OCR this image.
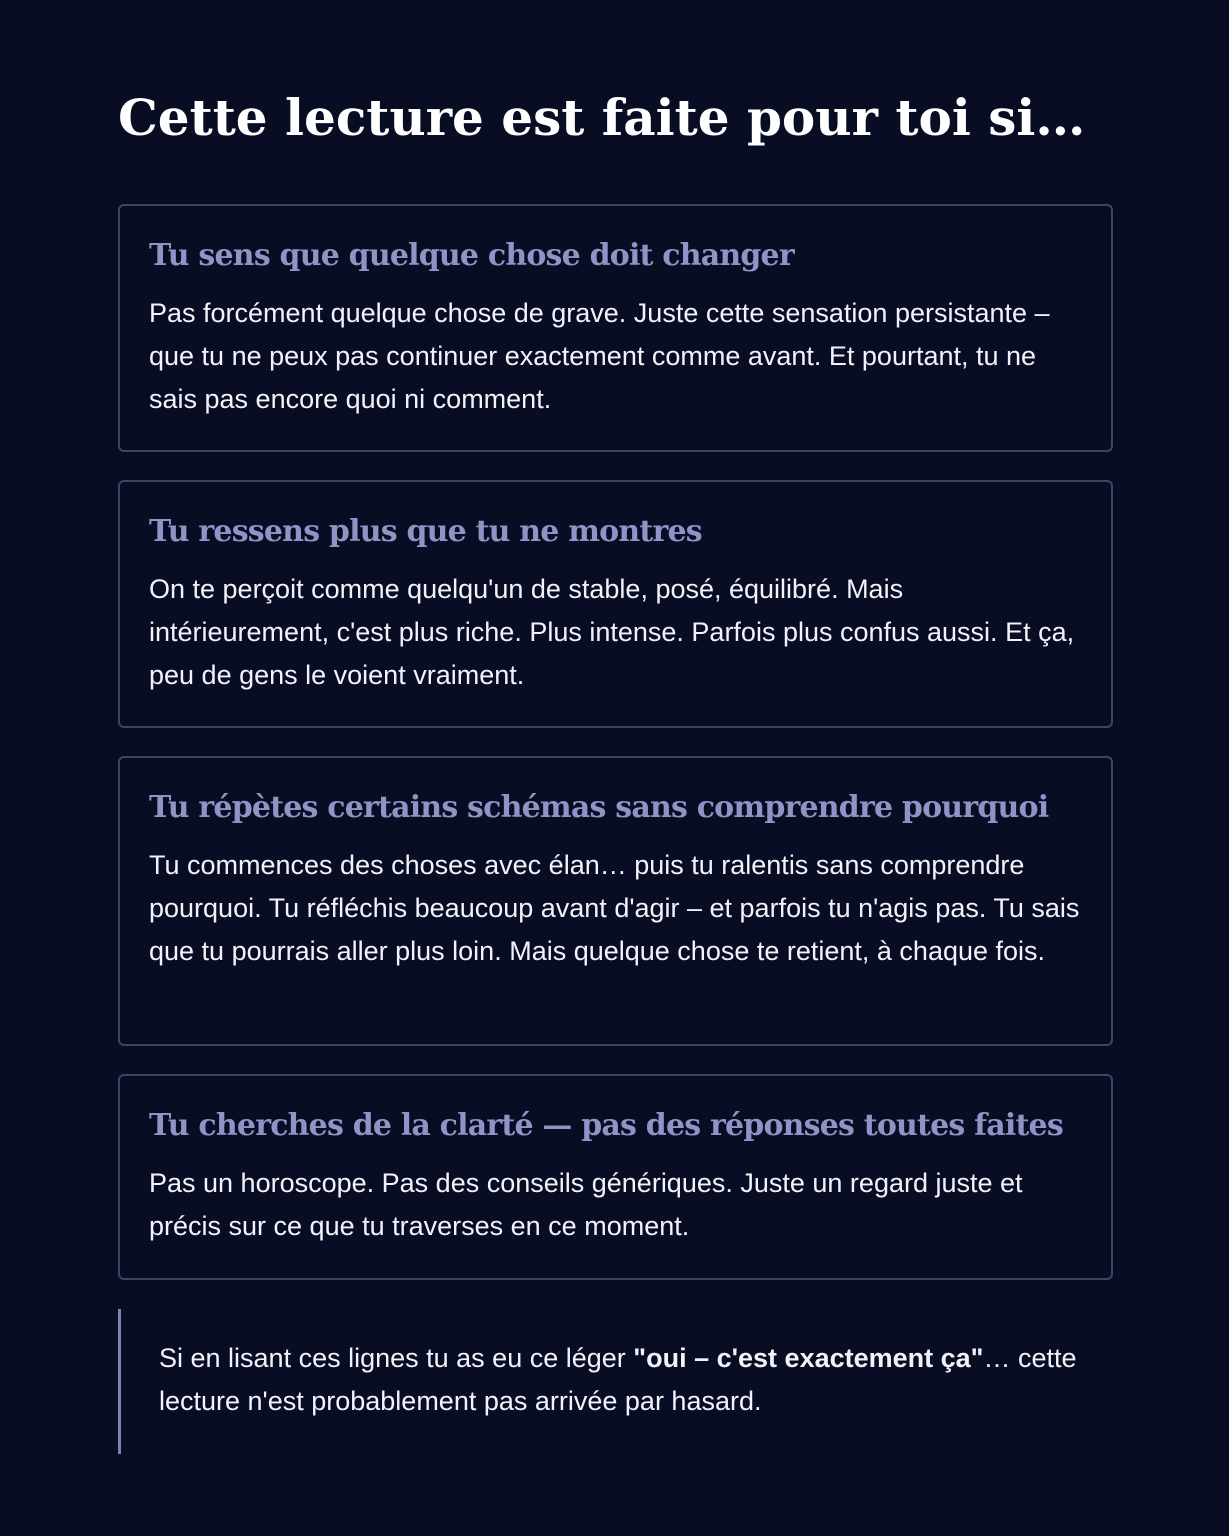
Cette lecture est faite pour toi si…
Tu sens que quelque chose doit changer

Pas forcément quelque chose de grave. Juste cette sensation persistante – que tu ne peux pas continuer exactement comme avant. Et pourtant, tu ne sais pas encore quoi ni comment.

Tu ressens plus que tu ne montres

On te perçoit comme quelqu'un de stable, posé, équilibré. Mais intérieurement, c'est plus riche. Plus intense. Parfois plus confus aussi. Et ça, peu de gens le voient vraiment.

Tu répètes certains schémas sans comprendre pourquoi

Tu commences des choses avec élan… puis tu ralentis sans comprendre pourquoi. Tu réfléchis beaucoup avant d'agir – et parfois tu n'agis pas. Tu sais que tu pourrais aller plus loin. Mais quelque chose te retient, à chaque fois.

Tu cherches de la clarté — pas des réponses toutes faites

Pas un horoscope. Pas des conseils génériques. Juste un regard juste et précis sur ce que tu traverses en ce moment.

Si en lisant ces lignes tu as eu ce léger "oui – c'est exactement ça"… cette lecture n'est probablement pas arrivée par hasard.
